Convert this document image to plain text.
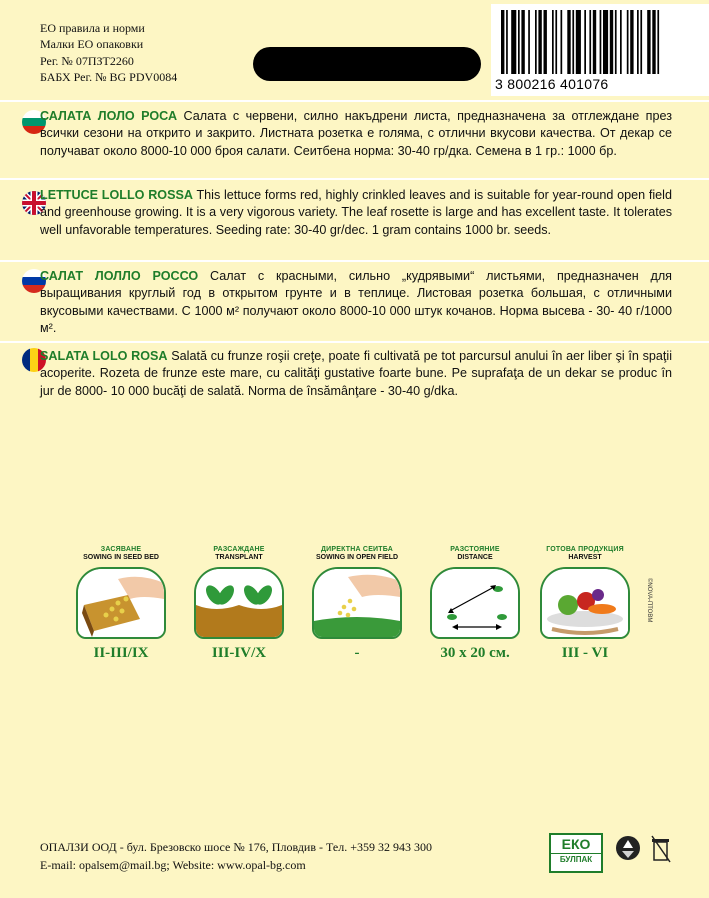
ЕО правила и норми
Малки ЕО опаковки
Рег. № 07ПЗТ2260
БАБХ Рег. № BG PDV0084	3 800216 401076
САЛАТА ЛОЛО РОСА Салата с червени, силно накъдрени листа, предназначена за отглеждане през всички сезони на открито и закрито. Листната розетка е голяма, с отлични вкусови качества. От декар се получават около 8000-10 000 броя салати. Сеитбена норма: 30-40 гр/дка. Семена в 1 гр.: 1000 бр.
LETTUCE LOLLO ROSSA This lettuce forms red, highly crinkled leaves and is suitable for year-round open field and greenhouse growing. It is a very vigorous variety. The leaf rosette is large and has excellent taste. It tolerates well unfavorable temperatures. Seeding rate: 30-40 gr/dec. 1 gram contains 1000 br. seeds.
САЛАТ ЛОЛЛО РОССО Салат с красными, сильно „кудрявыми“ листьями, предназначен для выращивания круглый год в открытом грунте и в теплице. Листовая розетка большая, с отличными вкусовыми качествами. С 1000 м² получают около 8000-10 000 штук кочанов. Норма высева - 30- 40 г/1000 м².
SALATA LOLO ROSA Salată cu frunze roşii creţe, poate fi cultivată pe tot parcursul anului în aer liber şi în spaţii acoperite. Rozeta de frunze este mare, cu calităţi gustative foarte bune. Pe suprafaţa de un dekar se produc în jur de 8000- 10 000 bucăţi de salată. Norma de însămânţare - 30-40 g/dka.
ЗАСЯВАНЕ
SOWING IN SEED BED
II-III/IX
РАЗСАЖДАНЕ
TRANSPLANT
III-IV/X
ДИРЕКТНА СЕИТБА
SOWING IN OPEN FIELD
-
РАЗСТОЯНИЕ
DISTANCE
30 x 20 см.
ГОТОВА ПРОДУКЦИЯ
HARVEST
III - VI
©NOVA-ПТОВМ
ОПАЛЗИ ООД - бул. Брезовско шосе № 176, Пловдив - Тел. +359 32 943 300
E-mail: opalsem@mail.bg; Website: www.opal-bg.com
ЕКО
БУЛПАК
